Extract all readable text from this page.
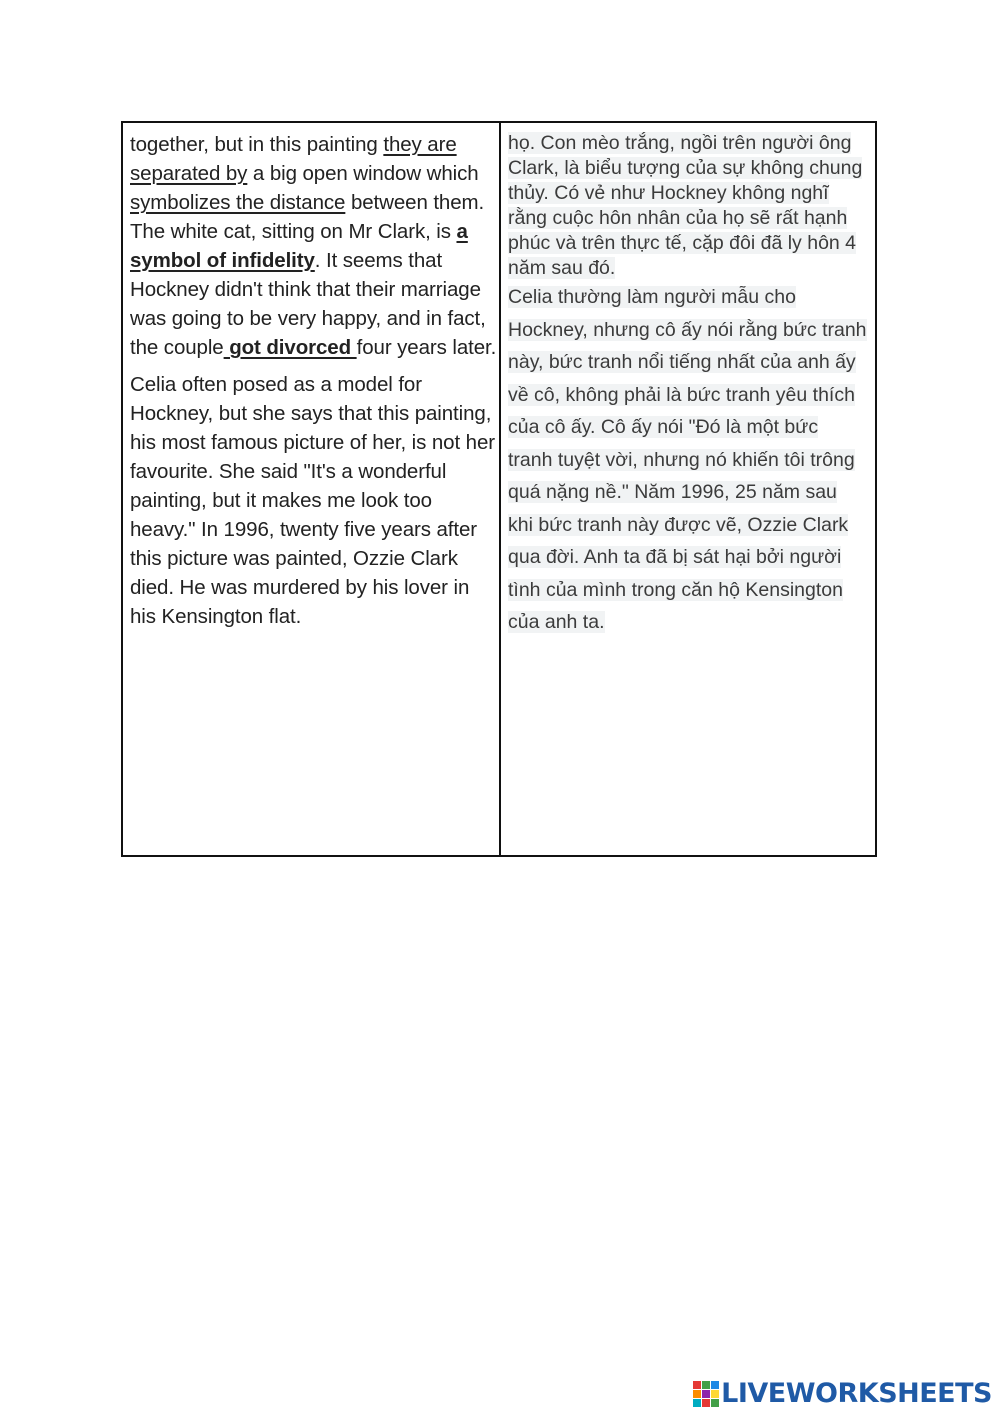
together, but in this painting they are separated by a big open window which symbolizes the distance between them. The white cat, sitting on Mr Clark, is a symbol of infidelity. It seems that Hockney didn't think that their marriage was going to be very happy, and in fact, the couple got divorced four years later.

Celia often posed as a model for Hockney, but she says that this painting, his most famous picture of her, is not her favourite. She said "It's a wonderful painting, but it makes me look too heavy." In 1996, twenty five years after this picture was painted, Ozzie Clark died. He was murdered by his lover in his Kensington flat.

họ. Con mèo trắng, ngồi trên người ông Clark, là biểu tượng của sự không chung thủy. Có vẻ như Hockney không nghĩ rằng cuộc hôn nhân của họ sẽ rất hạnh phúc và trên thực tế, cặp đôi đã ly hôn 4 năm sau đó.

Celia thường làm người mẫu cho Hockney, nhưng cô ấy nói rằng bức tranh này, bức tranh nổi tiếng nhất của anh ấy về cô, không phải là bức tranh yêu thích của cô ấy. Cô ấy nói "Đó là một bức tranh tuyệt vời, nhưng nó khiến tôi trông quá nặng nề." Năm 1996, 25 năm sau khi bức tranh này được vẽ, Ozzie Clark qua đời. Anh ta đã bị sát hại bởi người tình của mình trong căn hộ Kensington của anh ta.

LIVEWORKSHEETS
